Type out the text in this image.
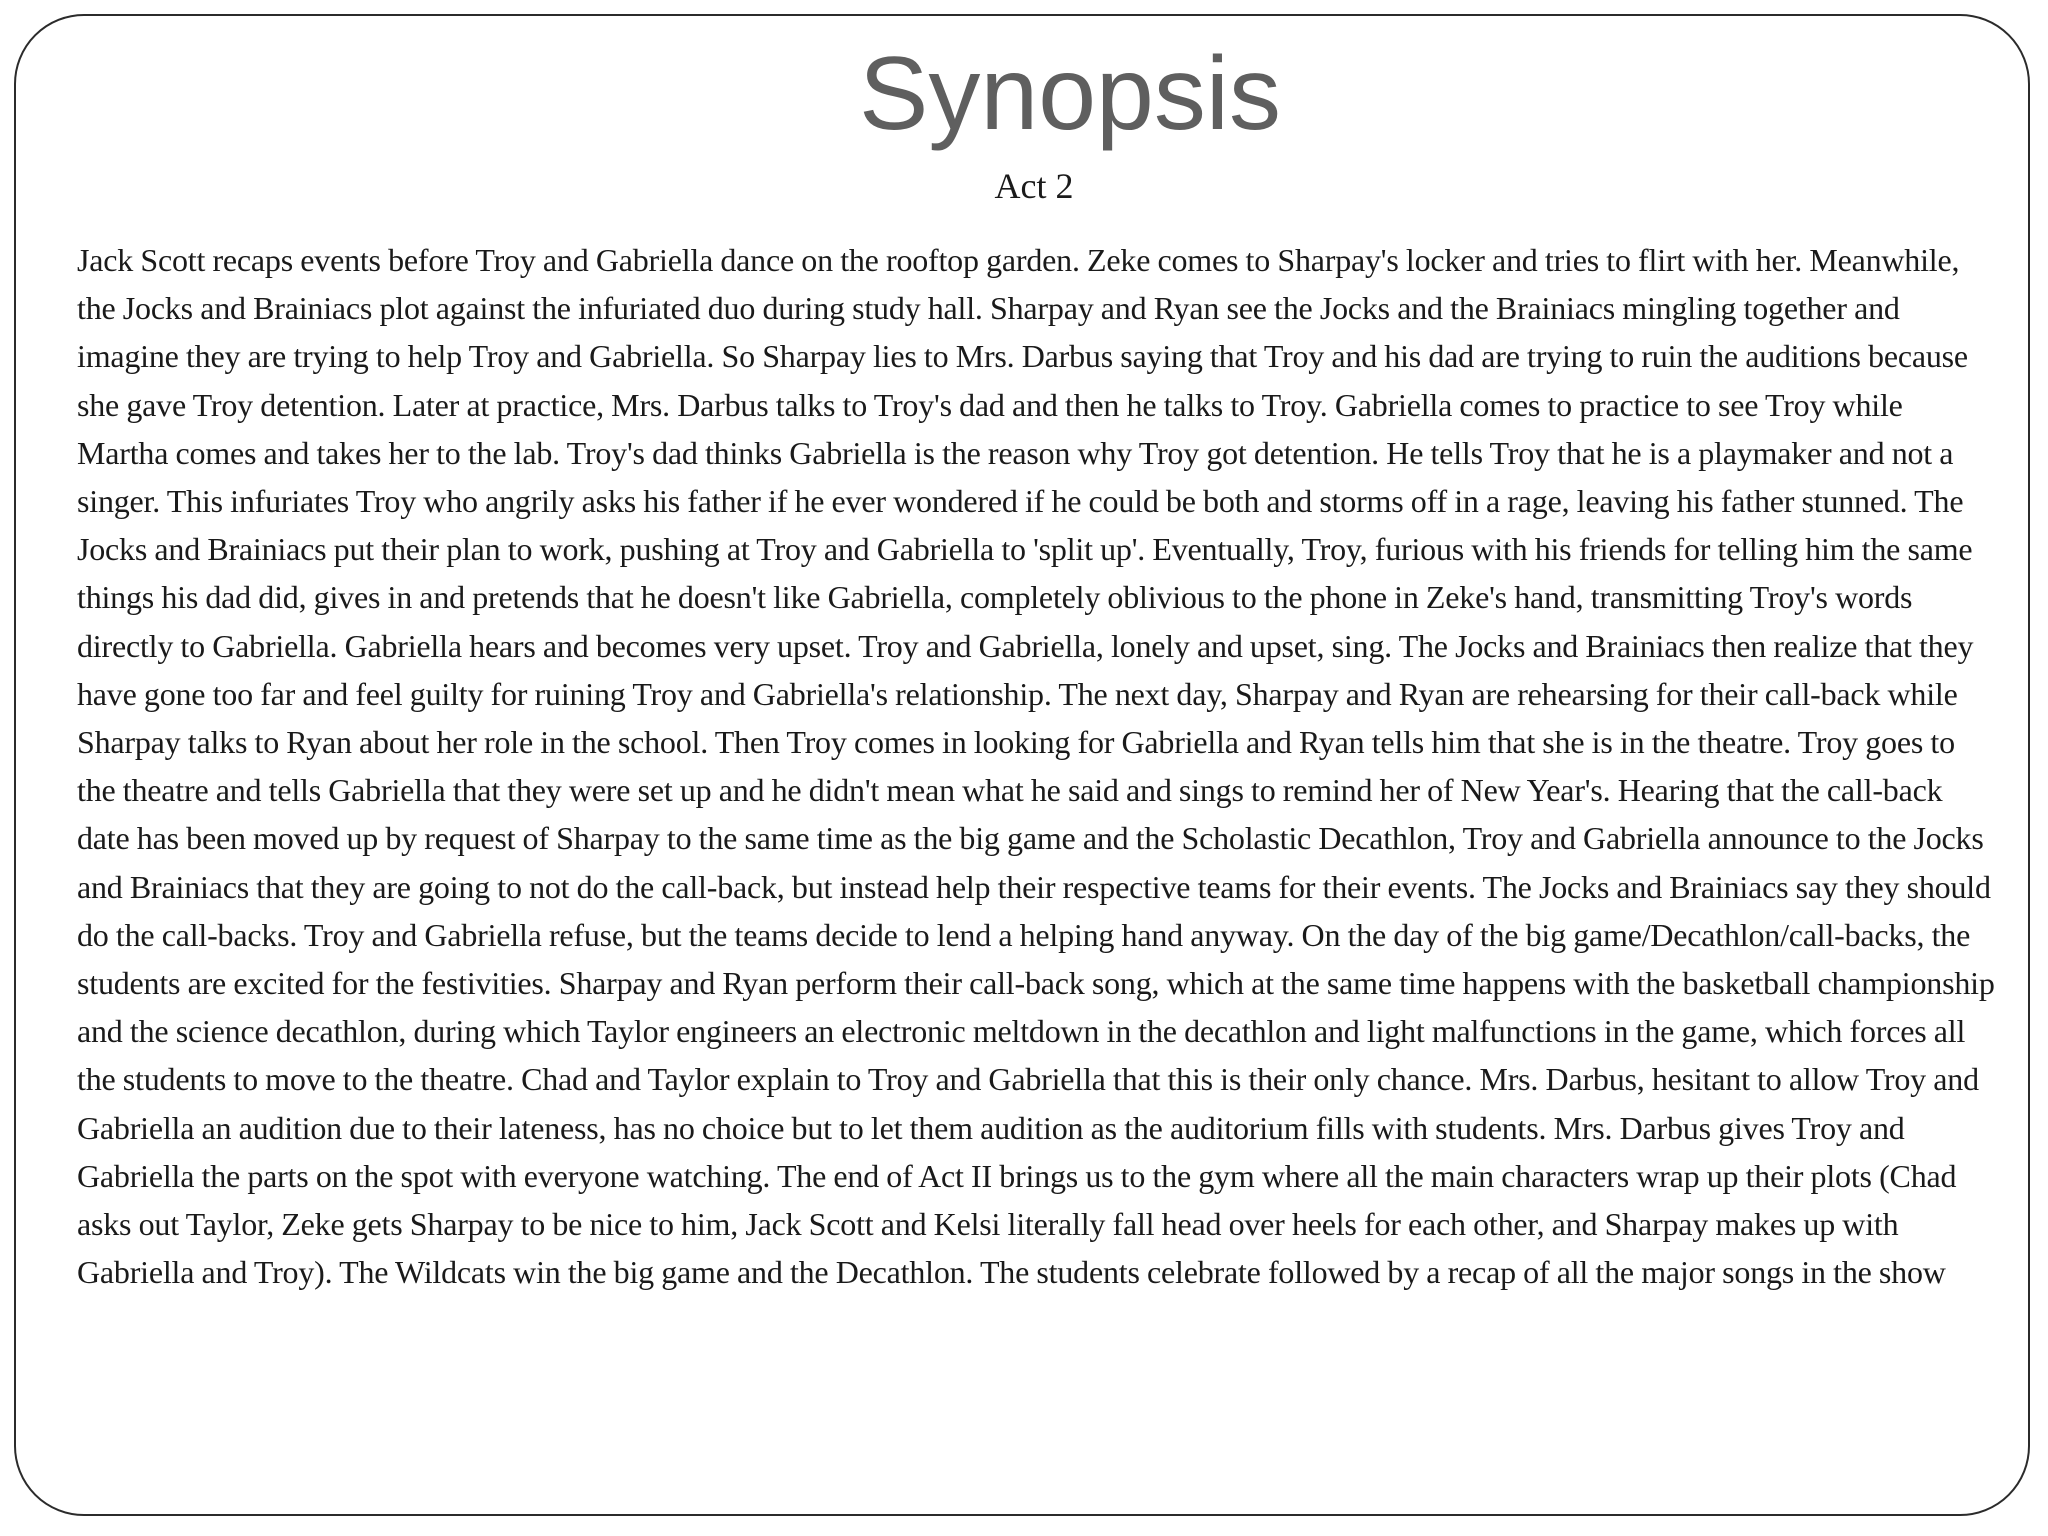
Synopsis
Act 2

Jack Scott recaps events before Troy and Gabriella dance on the rooftop garden. Zeke comes to Sharpay's locker and tries to flirt with her. Meanwhile, the Jocks and Brainiacs plot against the infuriated duo during study hall. Sharpay and Ryan see the Jocks and the Brainiacs mingling together and imagine they are trying to help Troy and Gabriella. So Sharpay lies to Mrs. Darbus saying that Troy and his dad are trying to ruin the auditions because she gave Troy detention. Later at practice, Mrs. Darbus talks to Troy's dad and then he talks to Troy. Gabriella comes to practice to see Troy while Martha comes and takes her to the lab. Troy's dad thinks Gabriella is the reason why Troy got detention. He tells Troy that he is a playmaker and not a singer. This infuriates Troy who angrily asks his father if he ever wondered if he could be both and storms off in a rage, leaving his father stunned. The Jocks and Brainiacs put their plan to work, pushing at Troy and Gabriella to 'split up'. Eventually, Troy, furious with his friends for telling him the same things his dad did, gives in and pretends that he doesn't like Gabriella, completely oblivious to the phone in Zeke's hand, transmitting Troy's words directly to Gabriella. Gabriella hears and becomes very upset. Troy and Gabriella, lonely and upset, sing. The Jocks and Brainiacs then realize that they have gone too far and feel guilty for ruining Troy and Gabriella's relationship. The next day, Sharpay and Ryan are rehearsing for their call-back while Sharpay talks to Ryan about her role in the school. Then Troy comes in looking for Gabriella and Ryan tells him that she is in the theatre. Troy goes to the theatre and tells Gabriella that they were set up and he didn't mean what he said and sings to remind her of New Year's. Hearing that the call-back date has been moved up by request of Sharpay to the same time as the big game and the Scholastic Decathlon, Troy and Gabriella announce to the Jocks and Brainiacs that they are going to not do the call-back, but instead help their respective teams for their events. The Jocks and Brainiacs say they should do the call-backs. Troy and Gabriella refuse, but the teams decide to lend a helping hand anyway. On the day of the big game/Decathlon/call-backs, the students are excited for the festivities. Sharpay and Ryan perform their call-back song, which at the same time happens with the basketball championship and the science decathlon, during which Taylor engineers an electronic meltdown in the decathlon and light malfunctions in the game, which forces all the students to move to the theatre. Chad and Taylor explain to Troy and Gabriella that this is their only chance. Mrs. Darbus, hesitant to allow Troy and Gabriella an audition due to their lateness, has no choice but to let them audition as the auditorium fills with students. Mrs. Darbus gives Troy and Gabriella the parts on the spot with everyone watching. The end of Act II brings us to the gym where all the main characters wrap up their plots (Chad asks out Taylor, Zeke gets Sharpay to be nice to him, Jack Scott and Kelsi literally fall head over heels for each other, and Sharpay makes up with Gabriella and Troy). The Wildcats win the big game and the Decathlon. The students celebrate followed by a recap of all the major songs in the show
